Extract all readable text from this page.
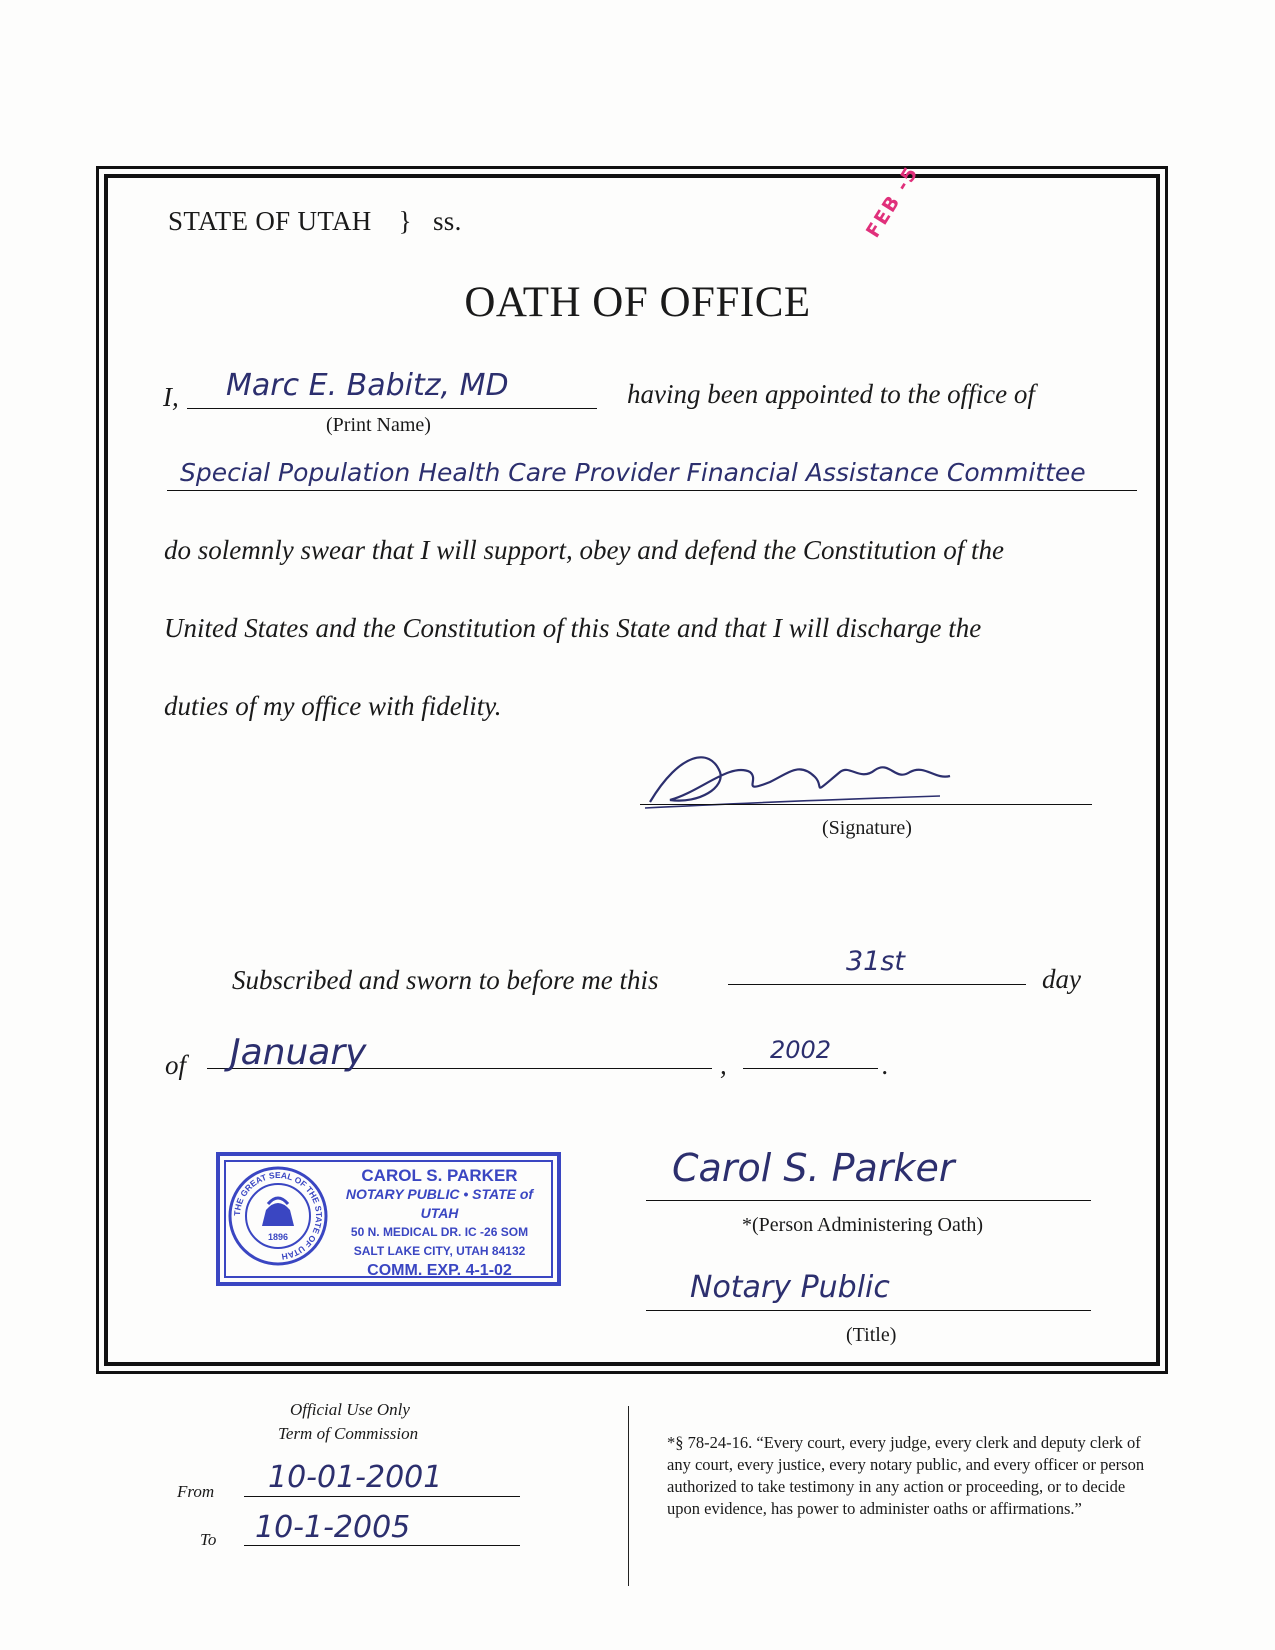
FEB -5
STATE OF UTAH } ss.
OATH OF OFFICE
I, Marc E. Babitz, MD
(Print Name)
having been appointed to the office of
Special Population Health Care Provider Financial Assistance Committee
do solemnly swear that I will support, obey and defend the Constitution of the
United States and the Constitution of this State and that I will discharge the
duties of my office with fidelity.
(Signature)
Subscribed and sworn to before me this
31st
day
of January	, 2002 .
THE GREAT SEAL OF THE STATE OF UTAH
1896
CAROL S. PARKER
NOTARY PUBLIC • STATE of UTAH
50 N. MEDICAL DR. IC -26 SOM
SALT LAKE CITY, UTAH 84132
COMM. EXP. 4-1-02
Carol S. Parker
*(Person Administering Oath)
Notary Public
(Title)
Official Use Only
Term of Commission
From 10-01-2001
To 10-1-2005
*§ 78-24-16. “Every court, every judge, every clerk and deputy clerk of any court, every justice, every notary public, and every officer or person authorized to take testimony in any action or proceeding, or to decide upon evidence, has power to administer oaths or affirmations.”
